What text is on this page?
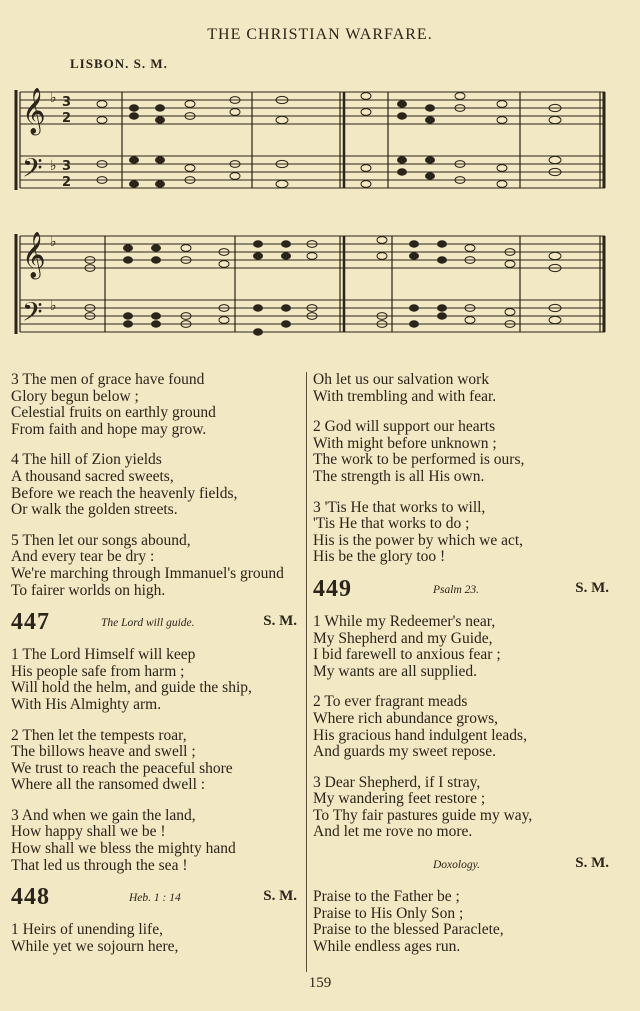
THE CHRISTIAN WARFARE.
LISBON. S. M.
𝄞
𝄢
𝄞
𝄢
♭
♭
♭
♭
3
2
3
2
3 The men of grace have found
Glory begun below ;
Celestial fruits on earthly ground
From faith and hope may grow.
4 The hill of Zion yields
A thousand sacred sweets,
Before we reach the heavenly fields,
Or walk the golden streets.
5 Then let our songs abound,
And every tear be dry :
We're marching through Immanuel's ground
To fairer worlds on high.
447	The Lord will guide.	S. M.
1 The Lord Himself will keep
His people safe from harm ;
Will hold the helm, and guide the ship,
With His Almighty arm.
2 Then let the tempests roar,
The billows heave and swell ;
We trust to reach the peaceful shore
Where all the ransomed dwell :
3 And when we gain the land,
How happy shall we be !
How shall we bless the mighty hand
That led us through the sea !
448	Heb. 1 : 14	S. M.
1 Heirs of unending life,
While yet we sojourn here,
Oh let us our salvation work
With trembling and with fear.
2 God will support our hearts
With might before unknown ;
The work to be performed is ours,
The strength is all His own.
3 'Tis He that works to will,
'Tis He that works to do ;
His is the power by which we act,
His be the glory too !
449	Psalm 23.	S. M.
1 While my Redeemer's near,
My Shepherd and my Guide,
I bid farewell to anxious fear ;
My wants are all supplied.
2 To ever fragrant meads
Where rich abundance grows,
His gracious hand indulgent leads,
And guards my sweet repose.
3 Dear Shepherd, if I stray,
My wandering feet restore ;
To Thy fair pastures guide my way,
And let me rove no more.
Doxology.	S. M.
Praise to the Father be ;
Praise to His Only Son ;
Praise to the blessed Paraclete,
While endless ages run.
159
